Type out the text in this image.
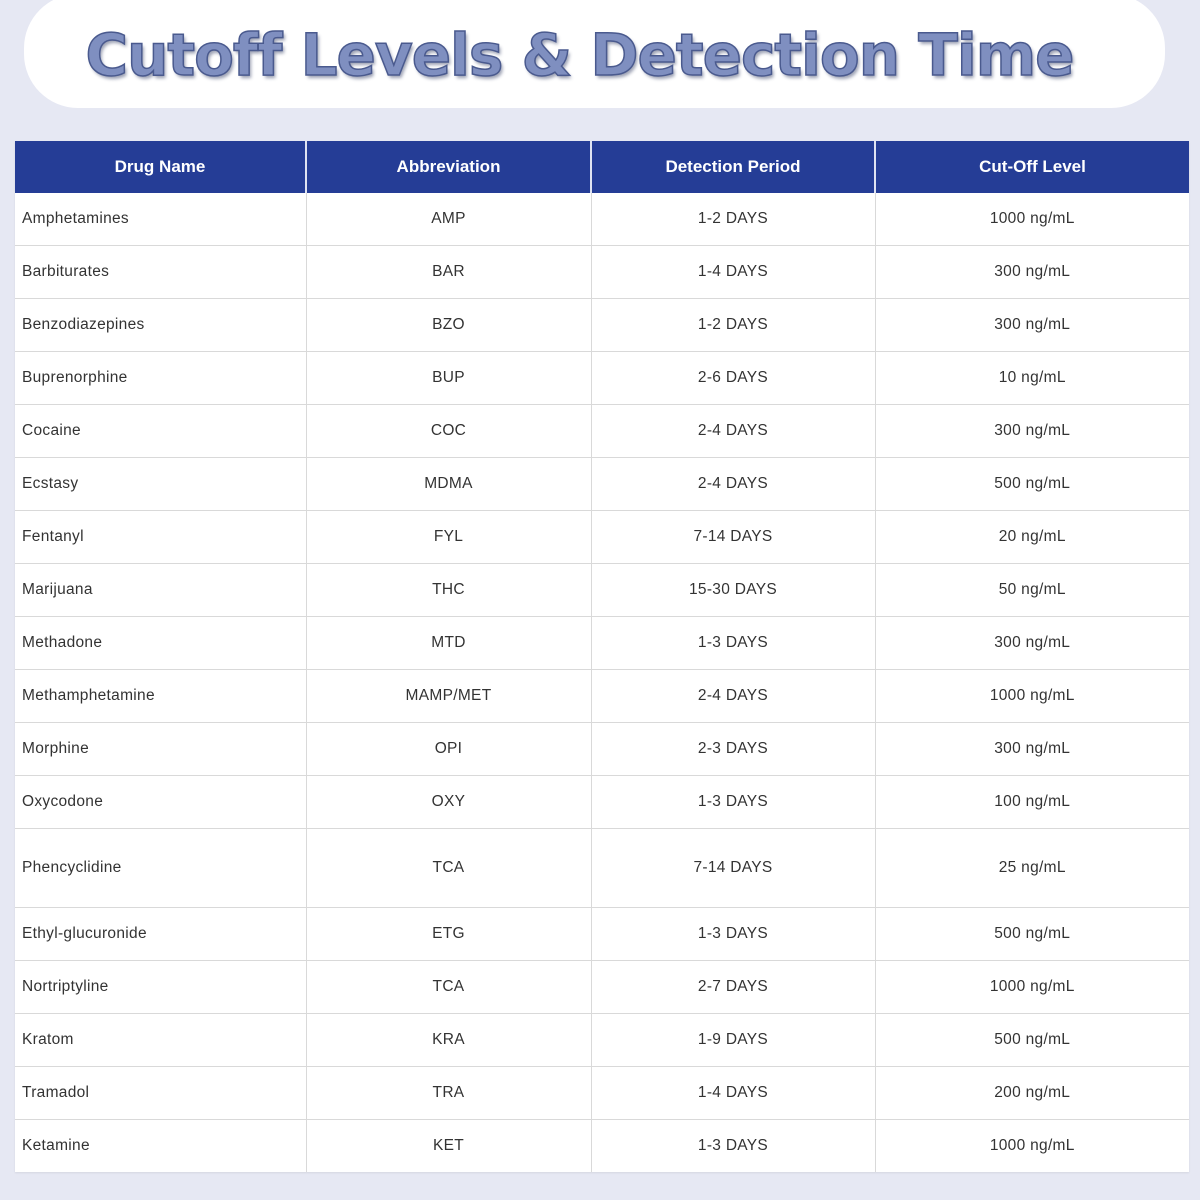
Cutoff Levels & Detection Time
Drug Name	Abbreviation	Detection Period	Cut-Off Level
Amphetamines	AMP	1-2 DAYS	1000 ng/mL
Barbiturates	BAR	1-4 DAYS	300 ng/mL
Benzodiazepines	BZO	1-2 DAYS	300 ng/mL
Buprenorphine	BUP	2-6 DAYS	10 ng/mL
Cocaine	COC	2-4 DAYS	300 ng/mL
Ecstasy	MDMA	2-4 DAYS	500 ng/mL
Fentanyl	FYL	7-14 DAYS	20 ng/mL
Marijuana	THC	15-30 DAYS	50 ng/mL
Methadone	MTD	1-3 DAYS	300 ng/mL
Methamphetamine	MAMP/MET	2-4 DAYS	1000 ng/mL
Morphine	OPI	2-3 DAYS	300 ng/mL
Oxycodone	OXY	1-3 DAYS	100 ng/mL
Phencyclidine	TCA	7-14 DAYS	25 ng/mL
Ethyl-glucuronide	ETG	1-3 DAYS	500 ng/mL
Nortriptyline	TCA	2-7 DAYS	1000 ng/mL
Kratom	KRA	1-9 DAYS	500 ng/mL
Tramadol	TRA	1-4 DAYS	200 ng/mL
Ketamine	KET	1-3 DAYS	1000 ng/mL
